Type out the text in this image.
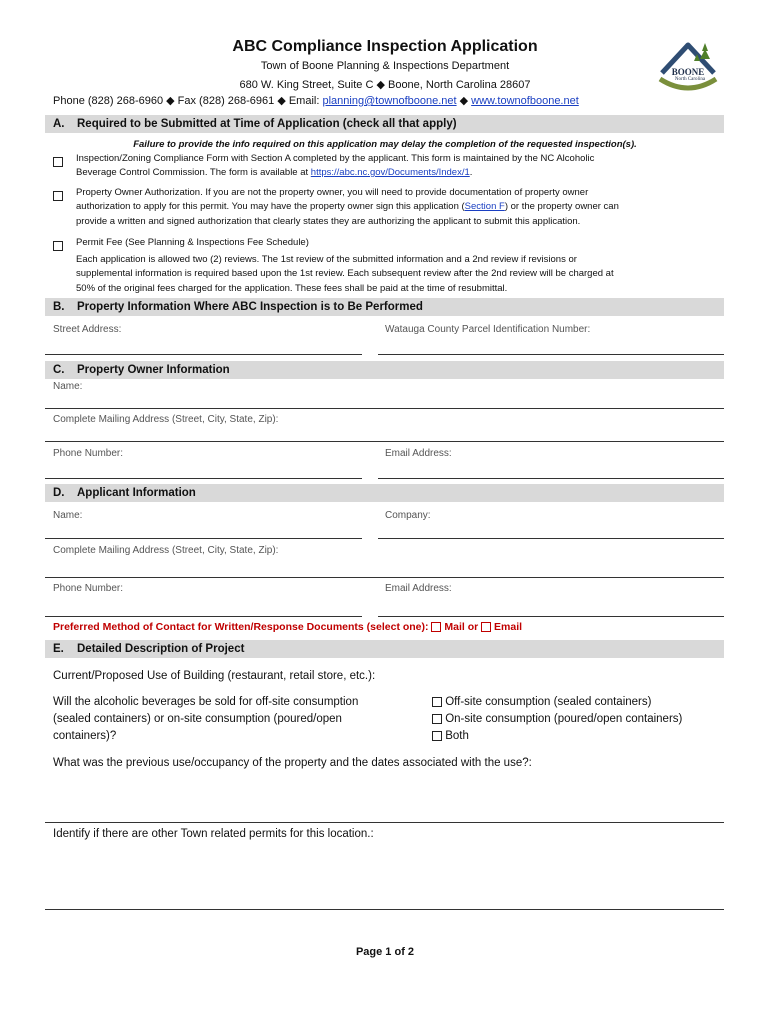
ABC Compliance Inspection Application
Town of Boone Planning & Inspections Department
680 W. King Street, Suite C ◆ Boone, North Carolina 28607
Phone (828) 268-6960 ◆ Fax (828) 268-6961 ◆ Email: planning@townofboone.net ◆ www.townofboone.net
BOONE
North Carolina
A. Required to be Submitted at Time of Application (check all that apply)
Failure to provide the info required on this application may delay the completion of the requested inspection(s).
Inspection/Zoning Compliance Form with Section A completed by the applicant. This form is maintained by the NC Alcoholic
Beverage Control Commission. The form is available at https://abc.nc.gov/Documents/Index/1.
Property Owner Authorization. If you are not the property owner, you will need to provide documentation of property owner
authorization to apply for this permit. You may have the property owner sign this application (Section F) or the property owner can
provide a written and signed authorization that clearly states they are authorizing the applicant to submit this application.
Permit Fee (See Planning & Inspections Fee Schedule)
Each application is allowed two (2) reviews. The 1st review of the submitted information and a 2nd review if revisions or
supplemental information is required based upon the 1st review. Each subsequent review after the 2nd review will be charged at
50% of the original fees charged for the application. These fees shall be paid at the time of resubmittal.
B. Property Information Where ABC Inspection is to Be Performed
Street Address:	Watauga County Parcel Identification Number:
C. Property Owner Information
Name:
Complete Mailing Address (Street, City, State, Zip):
Phone Number:	Email Address:
D. Applicant Information
Name:	Company:
Complete Mailing Address (Street, City, State, Zip):
Phone Number:	Email Address:
Preferred Method of Contact for Written/Response Documents (select one):  Mail or  Email
E. Detailed Description of Project
Current/Proposed Use of Building (restaurant, retail store, etc.):
Will the alcoholic beverages be sold for off-site consumption
(sealed containers) or on-site consumption (poured/open
containers)?
Off-site consumption (sealed containers)
On-site consumption (poured/open containers)
Both
What was the previous use/occupancy of the property and the dates associated with the use?:
Identify if there are other Town related permits for this location.:
Page 1 of 2
